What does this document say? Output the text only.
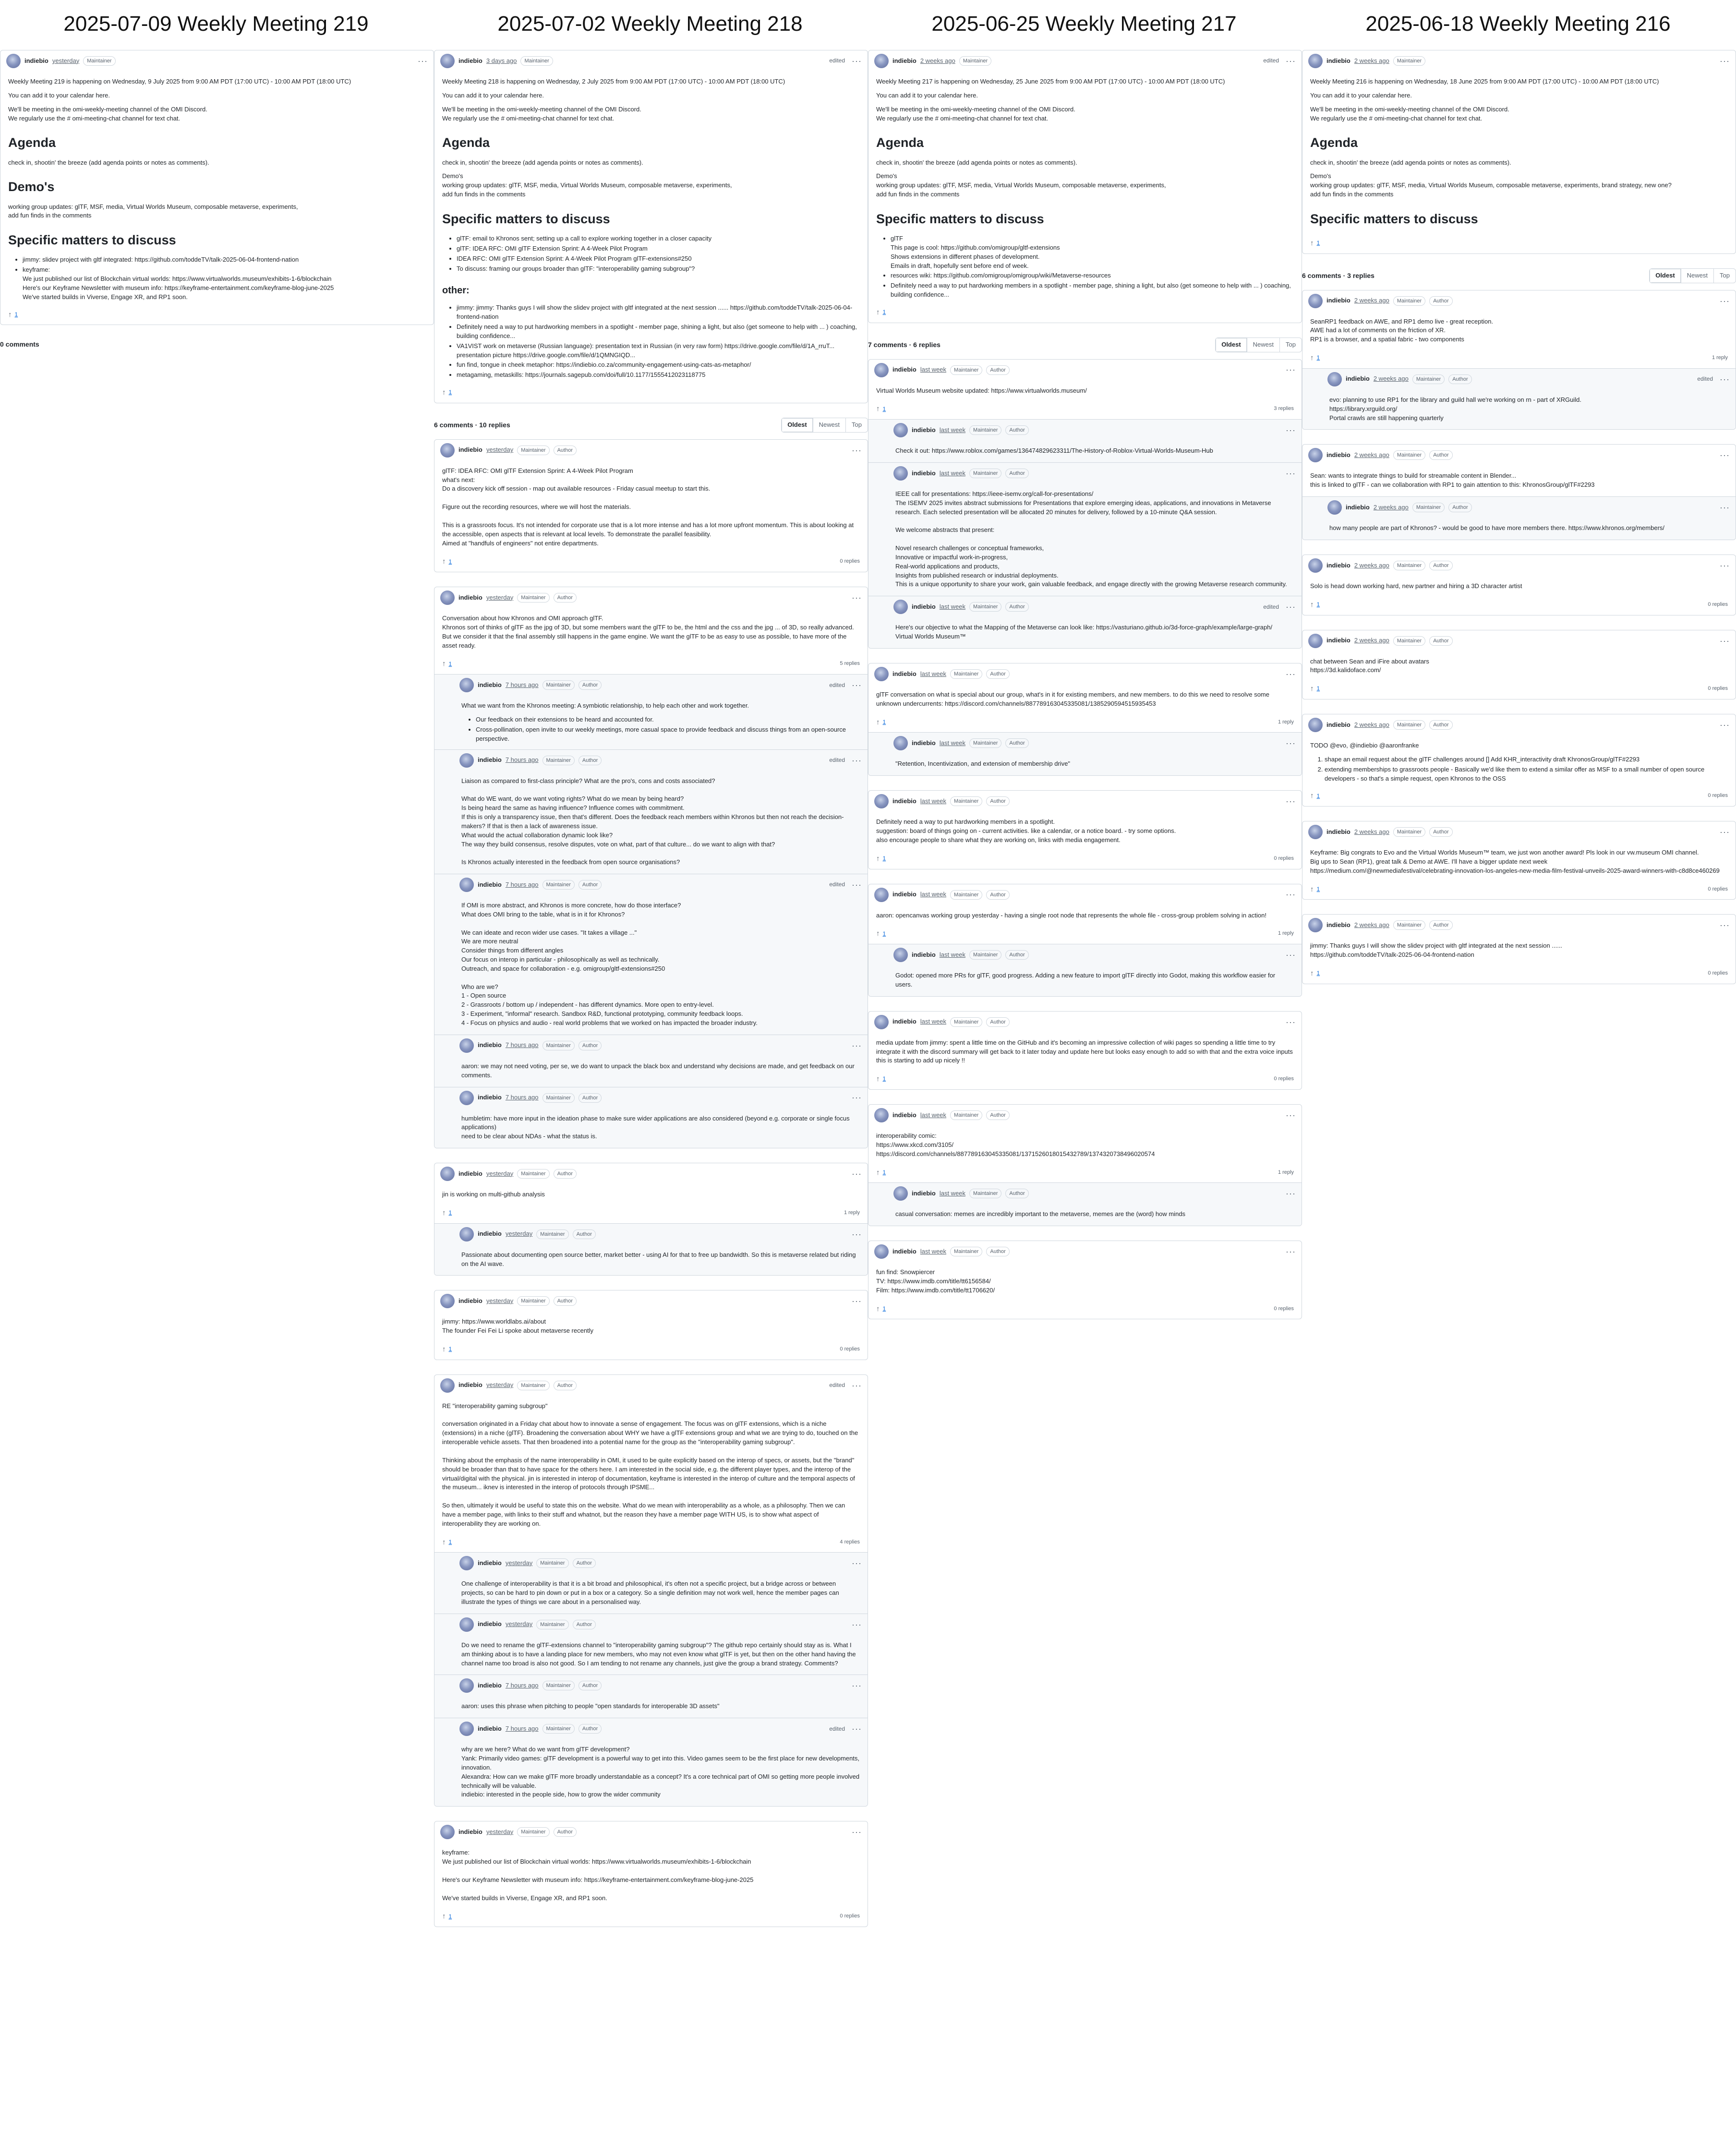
2025-07-09 Weekly Meeting 219	2025-07-02 Weekly Meeting 218	2025-06-25 Weekly Meeting 217	2025-06-18 Weekly Meeting 216
indiebio yesterday	Maintainer	···

Weekly Meeting 219 is happening on Wednesday, 9 July 2025 from 9:00 AM PDT (17:00 UTC) - 10:00 AM PDT (18:00 UTC)

You can add it to your calendar here.

We'll be meeting in the omi-weekly-meeting channel of the OMI Discord.
We regularly use the # omi-meeting-chat channel for text chat.

Agenda

check in, shootin' the breeze (add agenda points or notes as comments).

Demo's

working group updates: glTF, MSF, media, Virtual Worlds Museum, composable metaverse, experiments,
add fun finds in the comments

Specific matters to discuss
• jimmy: slidev project with gltf integrated: https://github.com/toddeTV/talk-2025-06-04-frontend-nation
• keyframe:
We just published our list of Blockchain virtual worlds: https://www.virtualworlds.museum/exhibits-1-6/blockchain
Here's our Keyframe Newsletter with museum info: https://keyframe-entertainment.com/keyframe-blog-june-2025
We've started builds in Viverse, Engage XR, and RP1 soon.
↑ 1
0 comments
indiebio 3 days ago	Maintainer	edited ···

Weekly Meeting 218 is happening on Wednesday, 2 July 2025 from 9:00 AM PDT (17:00 UTC) - 10:00 AM PDT (18:00 UTC)

You can add it to your calendar here.

We'll be meeting in the omi-weekly-meeting channel of the OMI Discord.
We regularly use the # omi-meeting-chat channel for text chat.

Agenda

check in, shootin' the breeze (add agenda points or notes as comments).

Demo's
working group updates: glTF, MSF, media, Virtual Worlds Museum, composable metaverse, experiments,
add fun finds in the comments

Specific matters to discuss
• glTF: email to Khronos sent; setting up a call to explore working together in a closer capacity
• glTF: IDEA RFC: OMI glTF Extension Sprint: A 4-Week Pilot Program
• IDEA RFC: OMI glTF Extension Sprint: A 4-Week Pilot Program glTF-extensions#250
• To discuss: framing our groups broader than glTF: "interoperability gaming subgroup"?
other:
• jimmy: jimmy: Thanks guys I will show the slidev project with gltf integrated at the next session ...... https://github.com/toddeTV/talk-2025-06-04-frontend-nation
• Definitely need a way to put hardworking members in a spotlight - member page, shining a light, but also (get someone to help with ... ) coaching, building confidence...
• VA1VIST work on metaverse (Russian language): presentation text in Russian (in very raw form) https://drive.google.com/file/d/1A_rruT... presentation picture https://drive.google.com/file/d/1QMNGIQD...
• fun find, tongue in cheek metaphor: https://indiebio.co.za/community-engagement-using-cats-as-metaphor/
• metagaming, metaskills: https://journals.sagepub.com/doi/full/10.1177/1555412023118775
↑ 1
6 comments · 10 replies	Oldest	Newest	Top
indiebio yesterday	Maintainer	Author	···

glTF: IDEA RFC: OMI glTF Extension Sprint: A 4-Week Pilot Program
what's next:
Do a discovery kick off session - map out available resources - Friday casual meetup to start this.

Figure out the recording resources, where we will host the materials.

This is a grassroots focus. It's not intended for corporate use that is a lot more intense and has a lot more upfront momentum. This is about looking at the accessible, open aspects that is relevant at local levels. To demonstrate the parallel feasibility.
Aimed at "handfuls of engineers" not entire departments.

↑ 1	0 replies
indiebio yesterday	Maintainer	Author	···

Conversation about how Khronos and OMI approach glTF.
Khronos sort of thinks of glTF as the jpg of 3D, but some members want the glTF to be, the html and the css and the jpg ... of 3D, so really advanced.
But we consider it that the final assembly still happens in the game engine. We want the glTF to be as easy to use as possible, to have more of the asset ready.

↑ 1	5 replies
indiebio 7 hours ago	Maintainer	Author	edited ···

What we want from the Khronos meeting: A symbiotic relationship, to help each other and work together.

• Our feedback on their extensions to be heard and accounted for.
• Cross-pollination, open invite to our weekly meetings, more casual space to provide feedback and discuss things from an open-source perspective.
indiebio 7 hours ago	Maintainer	Author	edited ···

Liaison as compared to first-class principle? What are the pro's, cons and costs associated?

What do WE want, do we want voting rights? What do we mean by being heard?
Is being heard the same as having influence? Influence comes with commitment.
If this is only a transparency issue, then that's different. Does the feedback reach members within Khronos but then not reach the decision-makers? If that is then a lack of awareness issue.
What would the actual collaboration dynamic look like?
The way they build consensus, resolve disputes, vote on what, part of that culture... do we want to align with that?

Is Khronos actually interested in the feedback from open source organisations?

indiebio 7 hours ago	Maintainer	Author	edited ···

If OMI is more abstract, and Khronos is more concrete, how do those interface?
What does OMI bring to the table, what is in it for Khronos?

We can ideate and recon wider use cases. "It takes a village ..."
We are more neutral
Consider things from different angles
Our focus on interop in particular - philosophically as well as technically.
Outreach, and space for collaboration - e.g. omigroup/gltf-extensions#250

Who are we?
1 - Open source
2 - Grassroots / bottom up / independent - has different dynamics. More open to entry-level.
3 - Experiment, "informal" research. Sandbox R&D, functional prototyping, community feedback loops.
4 - Focus on physics and audio - real world problems that we worked on has impacted the broader industry.

indiebio 7 hours ago	Maintainer	Author	···

aaron: we may not need voting, per se, we do want to unpack the black box and understand why decisions are made, and get feedback on our comments.

indiebio 7 hours ago	Maintainer	Author	···

humbletim: have more input in the ideation phase to make sure wider applications are also considered (beyond e.g. corporate or single focus applications)
need to be clear about NDAs - what the status is.

indiebio yesterday	Maintainer	Author	···

jin is working on multi-github analysis

↑ 1	1 reply
indiebio yesterday	Maintainer	Author	···

Passionate about documenting open source better, market better - using AI for that to free up bandwidth. So this is metaverse related but riding on the AI wave.

indiebio yesterday	Maintainer	Author	···

jimmy: https://www.worldlabs.ai/about
The founder Fei Fei Li spoke about metaverse recently

↑ 1	0 replies
indiebio yesterday	Maintainer	Author	edited ···

RE "interoperability gaming subgroup"

conversation originated in a Friday chat about how to innovate a sense of engagement. The focus was on glTF extensions, which is a niche (extensions) in a niche (glTF). Broadening the conversation about WHY we have a glTF extensions group and what we are trying to do, touched on the interoperable vehicle assets. That then broadened into a potential name for the group as the "interoperability gaming subgroup".

Thinking about the emphasis of the name interoperability in OMI, it used to be quite explicitly based on the interop of specs, or assets, but the "brand" should be broader than that to have space for the others here. I am interested in the social side, e.g. the different player types, and the interop of the virtual/digital with the physical. jin is interested in interop of documentation, keyframe is interested in the interop of culture and the temporal aspects of the museum... iknev is interested in the interop of protocols through IPSME...

So then, ultimately it would be useful to state this on the website. What do we mean with interoperability as a whole, as a philosophy. Then we can have a member page, with links to their stuff and whatnot, but the reason they have a member page WITH US, is to show what aspect of interoperability they are working on.

↑ 1	4 replies
indiebio yesterday	Maintainer	Author	···

One challenge of interoperability is that it is a bit broad and philosophical, it's often not a specific project, but a bridge across or between projects, so can be hard to pin down or put in a box or a category. So a single definition may not work well, hence the member pages can illustrate the types of things we care about in a personalised way.

indiebio yesterday	Maintainer	Author	···

Do we need to rename the glTF-extensions channel to "interoperability gaming subgroup"? The github repo certainly should stay as is. What I am thinking about is to have a landing place for new members, who may not even know what glTF is yet, but then on the other hand having the channel name too broad is also not good. So I am tending to not rename any channels, just give the group a brand strategy. Comments?

indiebio 7 hours ago	Maintainer	Author	···

aaron: uses this phrase when pitching to people "open standards for interoperable 3D assets"

indiebio 7 hours ago	Maintainer	Author	edited ···

why are we here? What do we want from glTF development?
Yank: Primarily video games: glTF development is a powerful way to get into this. Video games seem to be the first place for new developments, innovation.
Alexandra: How can we make glTF more broadly understandable as a concept? It's a core technical part of OMI so getting more people involved technically will be valuable.
indiebio: interested in the people side, how to grow the wider community

indiebio yesterday	Maintainer	Author	···

keyframe:
We just published our list of Blockchain virtual worlds: https://www.virtualworlds.museum/exhibits-1-6/blockchain

Here's our Keyframe Newsletter with museum info: https://keyframe-entertainment.com/keyframe-blog-june-2025

We've started builds in Viverse, Engage XR, and RP1 soon.

↑ 1	0 replies
indiebio 2 weeks ago	Maintainer	edited ···

Weekly Meeting 217 is happening on Wednesday, 25 June 2025 from 9:00 AM PDT (17:00 UTC) - 10:00 AM PDT (18:00 UTC)

You can add it to your calendar here.

We'll be meeting in the omi-weekly-meeting channel of the OMI Discord.
We regularly use the # omi-meeting-chat channel for text chat.

Agenda

check in, shootin' the breeze (add agenda points or notes as comments).

Demo's
working group updates: glTF, MSF, media, Virtual Worlds Museum, composable metaverse, experiments,
add fun finds in the comments

Specific matters to discuss
• glTF
This page is cool: https://github.com/omigroup/gltf-extensions
Shows extensions in different phases of development.
Emails in draft, hopefully sent before end of week.
• resources wiki: https://github.com/omigroup/omigroup/wiki/Metaverse-resources
• Definitely need a way to put hardworking members in a spotlight - member page, shining a light, but also (get someone to help with ... ) coaching, building confidence...
↑ 1
7 comments · 6 replies	Oldest	Newest	Top
indiebio last week	Maintainer	Author	···

Virtual Worlds Museum website updated: https://www.virtualworlds.museum/

↑ 1	3 replies
indiebio last week	Maintainer	Author	···

Check it out: https://www.roblox.com/games/136474829623311/The-History-of-Roblox-Virtual-Worlds-Museum-Hub

indiebio last week	Maintainer	Author	···

IEEE call for presentations: https://ieee-isemv.org/call-for-presentations/
The ISEMV 2025 invites abstract submissions for Presentations that explore emerging ideas, applications, and innovations in Metaverse research. Each selected presentation will be allocated 20 minutes for delivery, followed by a 10-minute Q&A session.

We welcome abstracts that present:

Novel research challenges or conceptual frameworks,
Innovative or impactful work-in-progress,
Real-world applications and products,
Insights from published research or industrial deployments.
This is a unique opportunity to share your work, gain valuable feedback, and engage directly with the growing Metaverse research community.

indiebio last week	Maintainer	Author	edited ···

Here's our objective to what the Mapping of the Metaverse can look like: https://vasturiano.github.io/3d-force-graph/example/large-graph/
Virtual Worlds Museum™

indiebio last week	Maintainer	Author	···

glTF conversation on what is special about our group, what's in it for existing members, and new members. to do this we need to resolve some unknown undercurrents: https://discord.com/channels/887789163045335081/1385290594515935453

↑ 1	1 reply
indiebio last week	Maintainer	Author	···

"Retention, Incentivization, and extension of membership drive"

indiebio last week	Maintainer	Author	···

Definitely need a way to put hardworking members in a spotlight.
suggestion: board of things going on - current activities. like a calendar, or a notice board. - try some options.
also encourage people to share what they are working on, links with media engagement.

↑ 1	0 replies
indiebio last week	Maintainer	Author	···

aaron: opencanvas working group yesterday - having a single root node that represents the whole file - cross-group problem solving in action!

↑ 1	1 reply
indiebio last week	Maintainer	Author	···

Godot: opened more PRs for glTF, good progress. Adding a new feature to import glTF directly into Godot, making this workflow easier for users.

indiebio last week	Maintainer	Author	···

media update from jimmy: spent a little time on the GitHub and it's becoming an impressive collection of wiki pages so spending a little time to try integrate it with the discord summary will get back to it later today and update here but looks easy enough to add so with that and the extra voice inputs this is starting to add up nicely !!

↑ 1	0 replies
indiebio last week	Maintainer	Author	···

interoperability comic:
https://www.xkcd.com/3105/
https://discord.com/channels/887789163045335081/1371526018015432789/1374320738496020574

↑ 1	1 reply
indiebio last week	Maintainer	Author	···

casual conversation: memes are incredibly important to the metaverse, memes are the (word) how minds

indiebio last week	Maintainer	Author	···

fun find: Snowpiercer
TV: https://www.imdb.com/title/tt6156584/
Film: https://www.imdb.com/title/tt1706620/

↑ 1	0 replies
indiebio 2 weeks ago	Maintainer	···

Weekly Meeting 216 is happening on Wednesday, 18 June 2025 from 9:00 AM PDT (17:00 UTC) - 10:00 AM PDT (18:00 UTC)

You can add it to your calendar here.

We'll be meeting in the omi-weekly-meeting channel of the OMI Discord.
We regularly use the # omi-meeting-chat channel for text chat.

Agenda

check in, shootin' the breeze (add agenda points or notes as comments).

Demo's
working group updates: glTF, MSF, media, Virtual Worlds Museum, composable metaverse, experiments, brand strategy, new one?
add fun finds in the comments

Specific matters to discuss
↑ 1
6 comments · 3 replies	Oldest	Newest	Top
indiebio 2 weeks ago	Maintainer	Author	···

SeanRP1 feedback on AWE, and RP1 demo live - great reception.
AWE had a lot of comments on the friction of XR.
RP1 is a browser, and a spatial fabric - two components

↑ 1	1 reply
indiebio 2 weeks ago	Maintainer	Author	edited ···

evo: planning to use RP1 for the library and guild hall we're working on rn - part of XRGuild.
https://library.xrguild.org/
Portal crawls are still happening quarterly

indiebio 2 weeks ago	Maintainer	Author	···

Sean: wants to integrate things to build for streamable content in Blender...
this is linked to glTF - can we collaboration with RP1 to gain attention to this: KhronosGroup/glTF#2293

indiebio 2 weeks ago	Maintainer	Author	···

how many people are part of Khronos? - would be good to have more members there. https://www.khronos.org/members/

indiebio 2 weeks ago	Maintainer	Author	···

Solo is head down working hard, new partner and hiring a 3D character artist

↑ 1	0 replies
indiebio 2 weeks ago	Maintainer	Author	···

chat between Sean and iFire about avatars
https://3d.kalidoface.com/

↑ 1	0 replies
indiebio 2 weeks ago	Maintainer	Author	···

TODO @evo, @indiebio @aaronfranke

1. shape an email request about the glTF challenges around [] Add KHR_interactivity draft KhronosGroup/glTF#2293
2. extending memberships to grassroots people - Basically we'd like them to extend a similar offer as MSF to a small number of open source developers - so that's a simple request, open Khronos to the OSS
↑ 1	0 replies
indiebio 2 weeks ago	Maintainer	Author	···

Keyframe: Big congrats to Evo and the Virtual Worlds Museum™ team, we just won another award! Pls look in our vw.museum OMI channel.
Big ups to Sean (RP1), great talk & Demo at AWE. I'll have a bigger update next week
https://medium.com/@newmediafestival/celebrating-innovation-los-angeles-new-media-film-festival-unveils-2025-award-winners-with-c8d8ce460269

↑ 1	0 replies
indiebio 2 weeks ago	Maintainer	Author	···

jimmy: Thanks guys I will show the slidev project with gltf integrated at the next session ......
https://github.com/toddeTV/talk-2025-06-04-frontend-nation

↑ 1	0 replies
